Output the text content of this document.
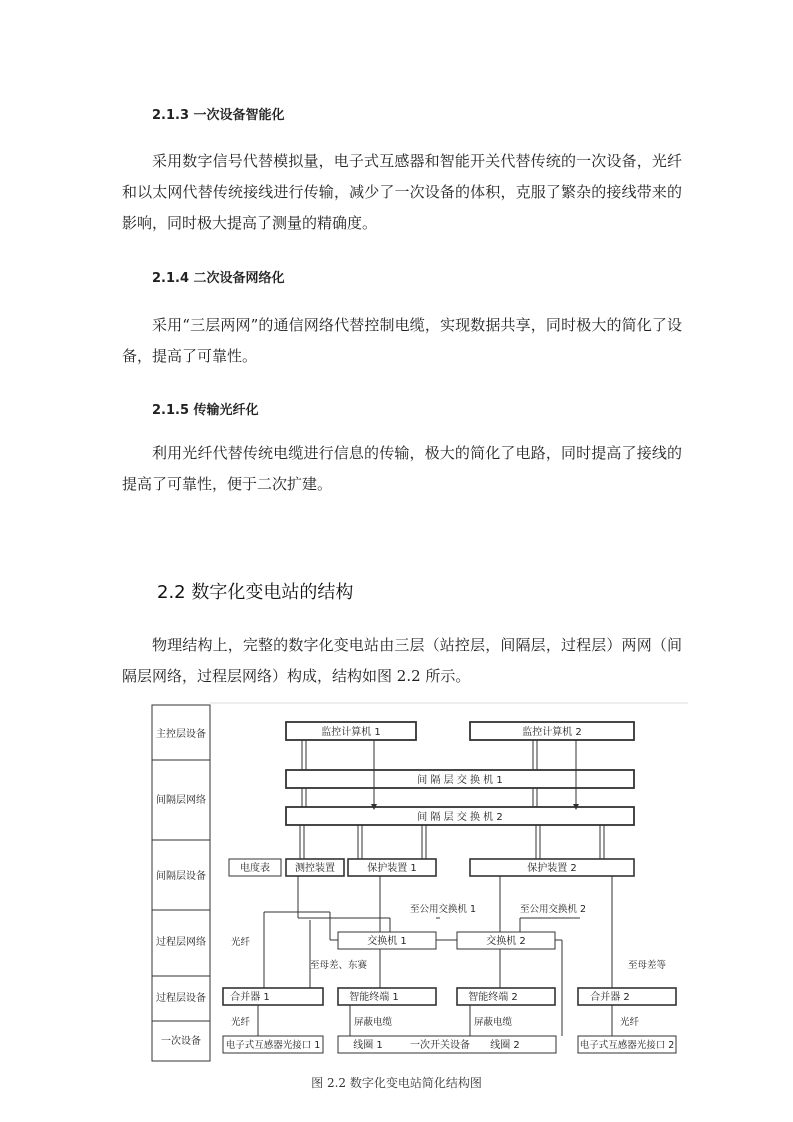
2.1.3 一次设备智能化
采用数字信号代替模拟量，电子式互感器和智能开关代替传统的一次设备，光纤和以太网代替传统接线进行传输，减少了一次设备的体积，克服了繁杂的接线带来的影响，同时极大提高了测量的精确度。
2.1.4 二次设备网络化
采用“三层两网”的通信网络代替控制电缆，实现数据共享，同时极大的简化了设备，提高了可靠性。
2.1.5 传输光纤化
利用光纤代替传统电缆进行信息的传输，极大的简化了电路，同时提高了接线的提高了可靠性，便于二次扩建。
2.2 数字化变电站的结构
物理结构上，完整的数字化变电站由三层（站控层，间隔层，过程层）两网（间隔层网络，过程层网络）构成，结构如图 2.2 所示。
主控层设备
间隔层网络
间隔层设备
过程层网络
过程层设备
一次设备
监控计算机 1	监控计算机 2
间 隔 层 交 换 机 1
间 隔 层 交 换 机 2
电度表	测控装置	保护装置 1	保护装置 2
交换机 1	交换机 2
合并器 1	智能终端 1	智能终端 2	合并器 2
电子式互感器光接口 1	线圈 1	一次开关设备 线圈 2	电子式互感器光接口 2
至公用交换机 1	至公用交换机 2
光纤
至母差、东赛	至母差等
光纤	屏蔽电缆	屏蔽电缆	光纤
图 2.2 数字化变电站简化结构图
